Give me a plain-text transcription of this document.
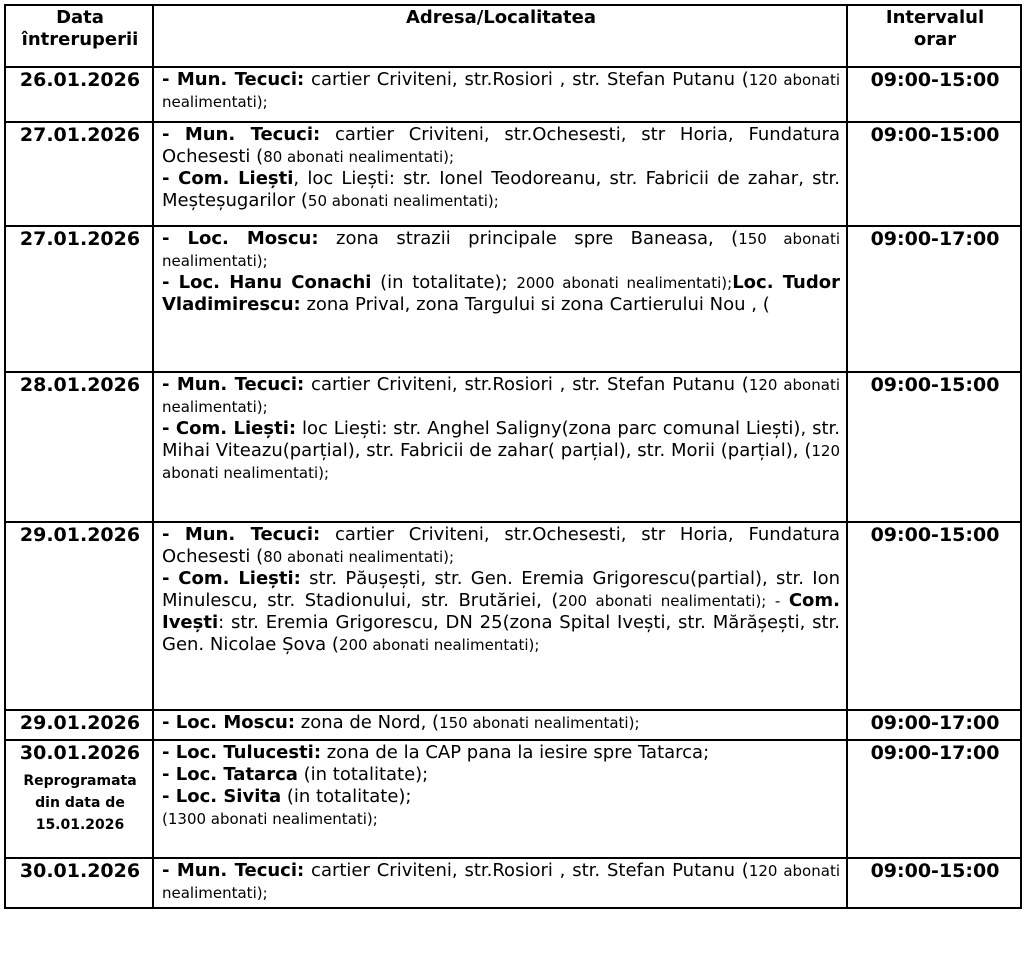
Data
întreruperii	Adresa/Localitatea	Intervalul
orar

26.01.2026	- Mun. Tecuci: cartier Criviteni, str.Rosiori , str. Stefan Putanu (120 abonati nealimentati);	09:00-15:00

27.01.2026	- Mun. Tecuci: cartier Criviteni, str.Ochesesti, str Horia, Fundatura Ochesesti (80 abonati nealimentati);
- Com. Liești, loc Liești: str. Ionel Teodoreanu, str. Fabricii de zahar, str. Meșteșugarilor (50 abonati nealimentati);	09:00-15:00

27.01.2026	- Loc. Moscu: zona strazii principale spre Baneasa, (150 abonati nealimentati);
- Loc. Hanu Conachi (in totalitate); 2000 abonati nealimentati);Loc. Tudor Vladimirescu: zona Prival, zona Targului si zona Cartierului Nou , (	09:00-17:00

28.01.2026	- Mun. Tecuci: cartier Criviteni, str.Rosiori , str. Stefan Putanu (120 abonati nealimentati);
- Com. Liești: loc Liești: str. Anghel Saligny(zona parc comunal Liești), str. Mihai Viteazu(parțial), str. Fabricii de zahar( parțial), str. Morii (parțial), (120 abonati nealimentati);	09:00-15:00

29.01.2026	- Mun. Tecuci: cartier Criviteni, str.Ochesesti, str Horia, Fundatura Ochesesti (80 abonati nealimentati);
- Com. Liești: str. Păușești, str. Gen. Eremia Grigorescu(partial), str. Ion Minulescu, str. Stadionului, str. Brutăriei, (200 abonati nealimentati); - Com. Ivești: str. Eremia Grigorescu, DN 25(zona Spital Ivești, str. Mărășești, str. Gen. Nicolae Șova (200 abonati nealimentati);	09:00-15:00

29.01.2026	- Loc. Moscu: zona de Nord, (150 abonati nealimentati);	09:00-17:00

30.01.2026
Reprogramata din data de 15.01.2026	- Loc. Tulucesti: zona de la CAP pana la iesire spre Tatarca;
- Loc. Tatarca (in totalitate);
- Loc. Sivita (in totalitate);
(1300 abonati nealimentati);	09:00-17:00

30.01.2026	- Mun. Tecuci: cartier Criviteni, str.Rosiori , str. Stefan Putanu (120 abonati nealimentati);	09:00-15:00
